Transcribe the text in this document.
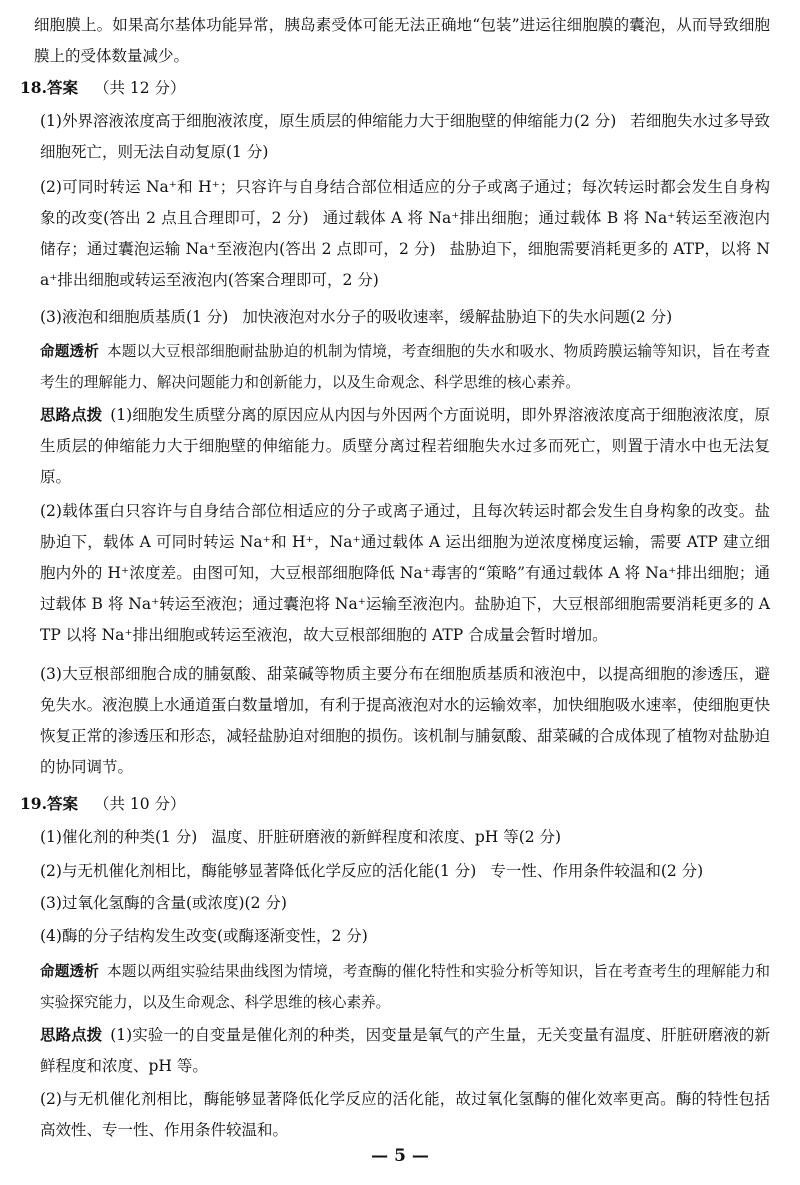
细胞膜上。如果高尔基体功能异常，胰岛素受体可能无法正确地“包装”进运往细胞膜的囊泡，从而导致细胞膜上的受体数量减少。

18.答案 （共 12 分）

(1)外界溶液浓度高于细胞液浓度，原生质层的伸缩能力大于细胞壁的伸缩能力(2 分) 若细胞失水过多导致细胞死亡，则无法自动复原(1 分)

(2)可同时转运 Na⁺和 H⁺；只容许与自身结合部位相适应的分子或离子通过；每次转运时都会发生自身构象的改变(答出 2 点且合理即可，2 分) 通过载体 A 将 Na⁺排出细胞；通过载体 B 将 Na⁺转运至液泡内储存；通过囊泡运输 Na⁺至液泡内(答出 2 点即可，2 分) 盐胁迫下，细胞需要消耗更多的 ATP，以将 Na⁺排出细胞或转运至液泡内(答案合理即可，2 分)

(3)液泡和细胞质基质(1 分) 加快液泡对水分子的吸收速率，缓解盐胁迫下的失水问题(2 分)

命题透析 本题以大豆根部细胞耐盐胁迫的机制为情境，考查细胞的失水和吸水、物质跨膜运输等知识，旨在考查考生的理解能力、解决问题能力和创新能力，以及生命观念、科学思维的核心素养。

思路点拨 (1)细胞发生质壁分离的原因应从内因与外因两个方面说明，即外界溶液浓度高于细胞液浓度，原生质层的伸缩能力大于细胞壁的伸缩能力。质壁分离过程若细胞失水过多而死亡，则置于清水中也无法复原。

(2)载体蛋白只容许与自身结合部位相适应的分子或离子通过，且每次转运时都会发生自身构象的改变。盐胁迫下，载体 A 可同时转运 Na⁺和 H⁺，Na⁺通过载体 A 运出细胞为逆浓度梯度运输，需要 ATP 建立细胞内外的 H⁺浓度差。由图可知，大豆根部细胞降低 Na⁺毒害的“策略”有通过载体 A 将 Na⁺排出细胞；通过载体 B 将 Na⁺转运至液泡；通过囊泡将 Na⁺运输至液泡内。盐胁迫下，大豆根部细胞需要消耗更多的 ATP 以将 Na⁺排出细胞或转运至液泡，故大豆根部细胞的 ATP 合成量会暂时增加。

(3)大豆根部细胞合成的脯氨酸、甜菜碱等物质主要分布在细胞质基质和液泡中，以提高细胞的渗透压，避免失水。液泡膜上水通道蛋白数量增加，有利于提高液泡对水的运输效率，加快细胞吸水速率，使细胞更快恢复正常的渗透压和形态，减轻盐胁迫对细胞的损伤。该机制与脯氨酸、甜菜碱的合成体现了植物对盐胁迫的协同调节。

19.答案 （共 10 分）

(1)催化剂的种类(1 分) 温度、肝脏研磨液的新鲜程度和浓度、pH 等(2 分)

(2)与无机催化剂相比，酶能够显著降低化学反应的活化能(1 分) 专一性、作用条件较温和(2 分)

(3)过氧化氢酶的含量(或浓度)(2 分)

(4)酶的分子结构发生改变(或酶逐渐变性，2 分)

命题透析 本题以两组实验结果曲线图为情境，考查酶的催化特性和实验分析等知识，旨在考查考生的理解能力和实验探究能力，以及生命观念、科学思维的核心素养。

思路点拨 (1)实验一的自变量是催化剂的种类，因变量是氧气的产生量，无关变量有温度、肝脏研磨液的新鲜程度和浓度、pH 等。

(2)与无机催化剂相比，酶能够显著降低化学反应的活化能，故过氧化氢酶的催化效率更高。酶的特性包括高效性、专一性、作用条件较温和。

— 5 —
